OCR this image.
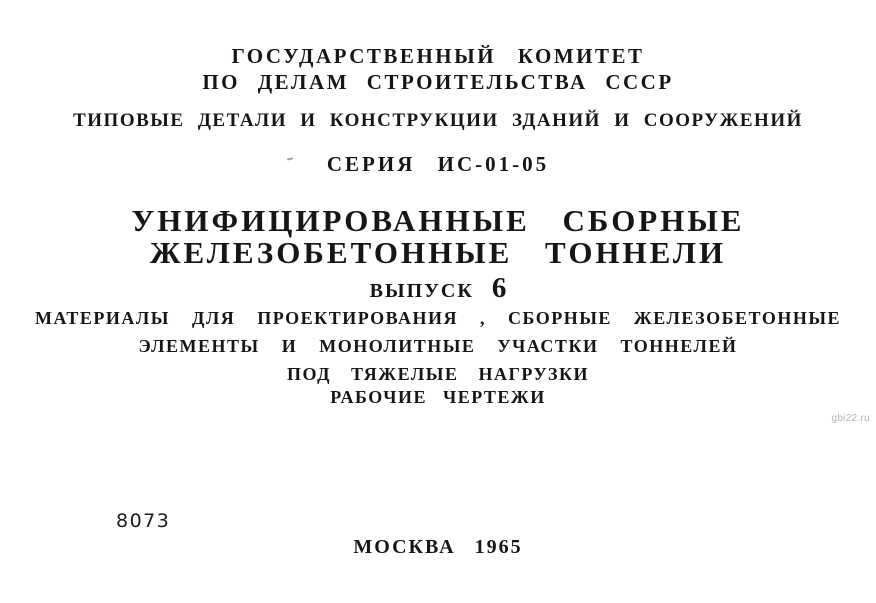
ГОСУДАРСТВЕННЫЙ КОМИТЕТ
ПО ДЕЛАМ СТРОИТЕЛЬСТВА СССР
ТИПОВЫЕ ДЕТАЛИ И КОНСТРУКЦИИ ЗДАНИЙ И СООРУЖЕНИЙ
СЕРИЯ ИС-01-05
УНИФИЦИРОВАННЫЕ СБОРНЫЕ
ЖЕЛЕЗОБЕТОННЫЕ ТОННЕЛИ
ВЫПУСК 6
МАТЕРИАЛЫ ДЛЯ ПРОЕКТИРОВАНИЯ , СБОРНЫЕ ЖЕЛЕЗОБЕТОННЫЕ
ЭЛЕМЕНТЫ И МОНОЛИТНЫЕ УЧАСТКИ ТОННЕЛЕЙ
ПОД ТЯЖЕЛЫЕ НАГРУЗКИ
РАБОЧИЕ ЧЕРТЕЖИ
gbi22.ru
8073
МОСКВА 1965
